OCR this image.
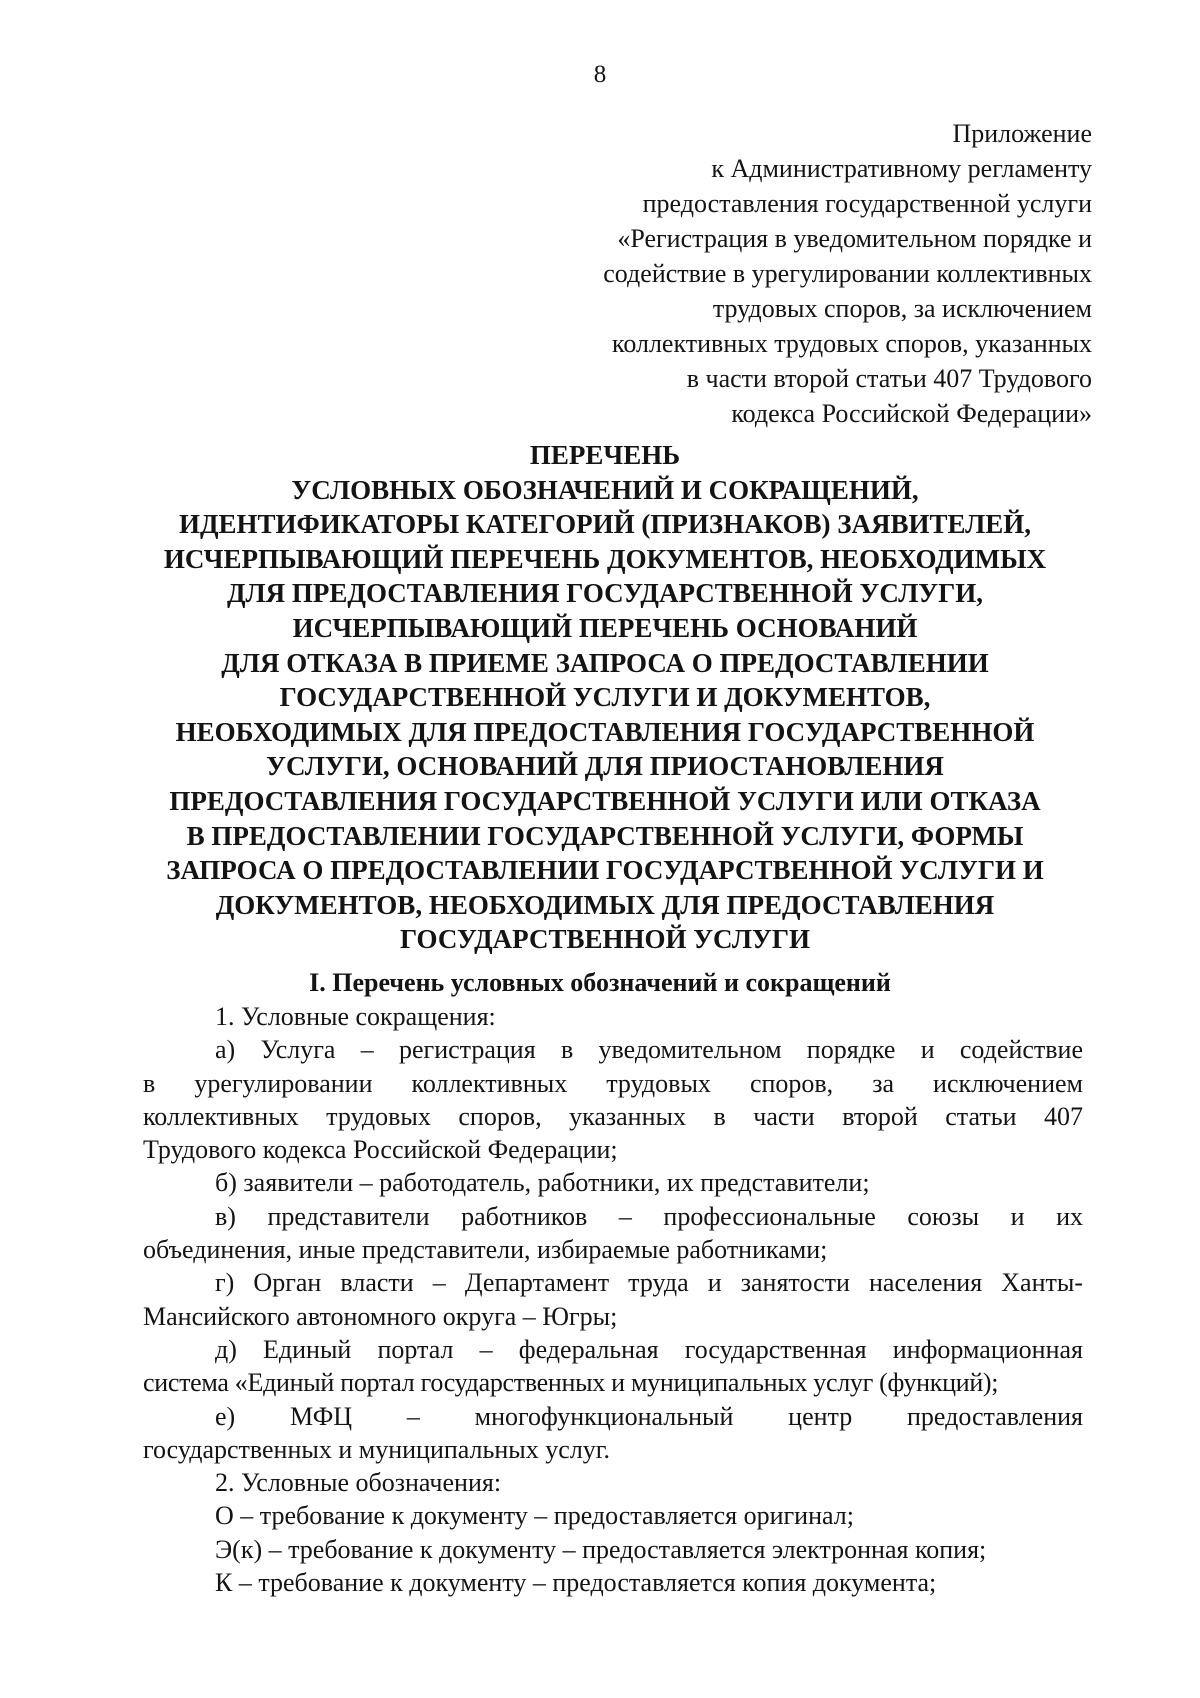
8
Приложение
к Административному регламенту
предоставления государственной услуги
«Регистрация в уведомительном порядке и
содействие в урегулировании коллективных
трудовых споров, за исключением
коллективных трудовых споров, указанных
в части второй статьи 407 Трудового
кодекса Российской Федерации»
ПЕРЕЧЕНЬ
УСЛОВНЫХ ОБОЗНАЧЕНИЙ И СОКРАЩЕНИЙ,
ИДЕНТИФИКАТОРЫ КАТЕГОРИЙ (ПРИЗНАКОВ) ЗАЯВИТЕЛЕЙ,
ИСЧЕРПЫВАЮЩИЙ ПЕРЕЧЕНЬ ДОКУМЕНТОВ, НЕОБХОДИМЫХ
ДЛЯ ПРЕДОСТАВЛЕНИЯ ГОСУДАРСТВЕННОЙ УСЛУГИ,
ИСЧЕРПЫВАЮЩИЙ ПЕРЕЧЕНЬ ОСНОВАНИЙ
ДЛЯ ОТКАЗА В ПРИЕМЕ ЗАПРОСА О ПРЕДОСТАВЛЕНИИ
ГОСУДАРСТВЕННОЙ УСЛУГИ И ДОКУМЕНТОВ,
НЕОБХОДИМЫХ ДЛЯ ПРЕДОСТАВЛЕНИЯ ГОСУДАРСТВЕННОЙ
УСЛУГИ, ОСНОВАНИЙ ДЛЯ ПРИОСТАНОВЛЕНИЯ
ПРЕДОСТАВЛЕНИЯ ГОСУДАРСТВЕННОЙ УСЛУГИ ИЛИ ОТКАЗА
В ПРЕДОСТАВЛЕНИИ ГОСУДАРСТВЕННОЙ УСЛУГИ, ФОРМЫ
ЗАПРОСА О ПРЕДОСТАВЛЕНИИ ГОСУДАРСТВЕННОЙ УСЛУГИ И
ДОКУМЕНТОВ, НЕОБХОДИМЫХ ДЛЯ ПРЕДОСТАВЛЕНИЯ
ГОСУДАРСТВЕННОЙ УСЛУГИ
I. Перечень условных обозначений и сокращений
1. Условные сокращения:
а) Услуга – регистрация в уведомительном порядке и содействие
в урегулировании коллективных трудовых споров, за исключением
коллективных трудовых споров, указанных в части второй статьи 407
Трудового кодекса Российской Федерации;
б) заявители – работодатель, работники, их представители;
в) представители работников – профессиональные союзы и их
объединения, иные представители, избираемые работниками;
г) Орган власти – Департамент труда и занятости населения Ханты-
Мансийского автономного округа – Югры;
д) Единый портал – федеральная государственная информационная
система «Единый портал государственных и муниципальных услуг (функций);
е) МФЦ – многофункциональный центр предоставления
государственных и муниципальных услуг.
2. Условные обозначения:
О – требование к документу – предоставляется оригинал;
Э(к) – требование к документу – предоставляется электронная копия;
К – требование к документу – предоставляется копия документа;
